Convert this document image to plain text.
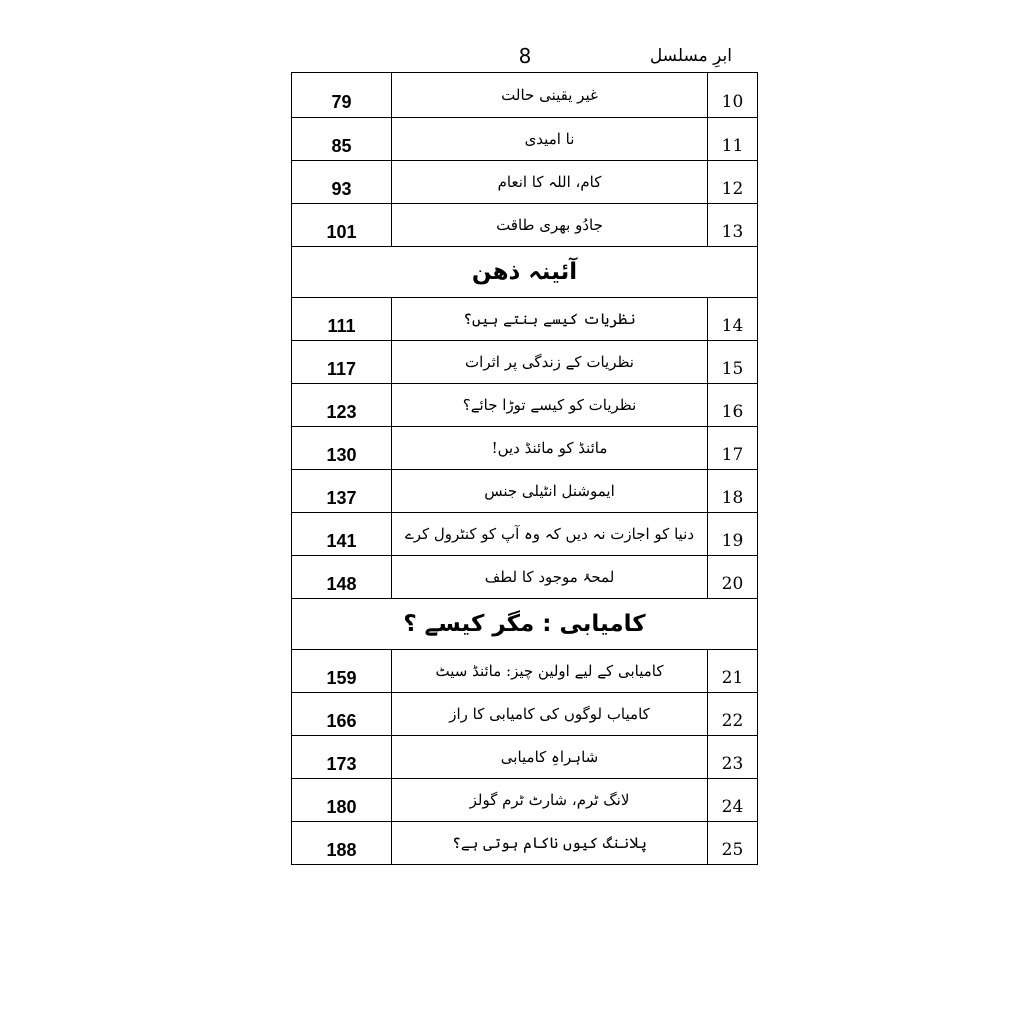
8	ابرِ مسلسل
79	غیر یقینی حالت	10
85	نا امیدی	11
93	کام، اللہ کا انعام	12
101	جادُو بھری طاقت	13
آئینہ ذھن		
111	نظریات کیسے بنتے ہیں؟	14
117	نظریات کے زندگی پر اثرات	15
123	نظریات کو کیسے توڑا جائے؟	16
130	مائنڈ کو مائنڈ دیں!	17
137	ایموشنل انٹیلی جنس	18
141	دنیا کو اجازت نہ دیں کہ وہ آپ کو کنٹرول کرے	19
148	لمحۂ موجود کا لطف	20
کامیابی : مگر کیسے ؟		
159	کامیابی کے لیے اولین چیز: مائنڈ سیٹ	21
166	کامیاب لوگوں کی کامیابی کا راز	22
173	شاہراہِ کامیابی	23
180	لانگ ٹرم، شارٹ ٹرم گولز	24
188	پلاننگ کیوں ناکام ہوتی ہے؟	25
